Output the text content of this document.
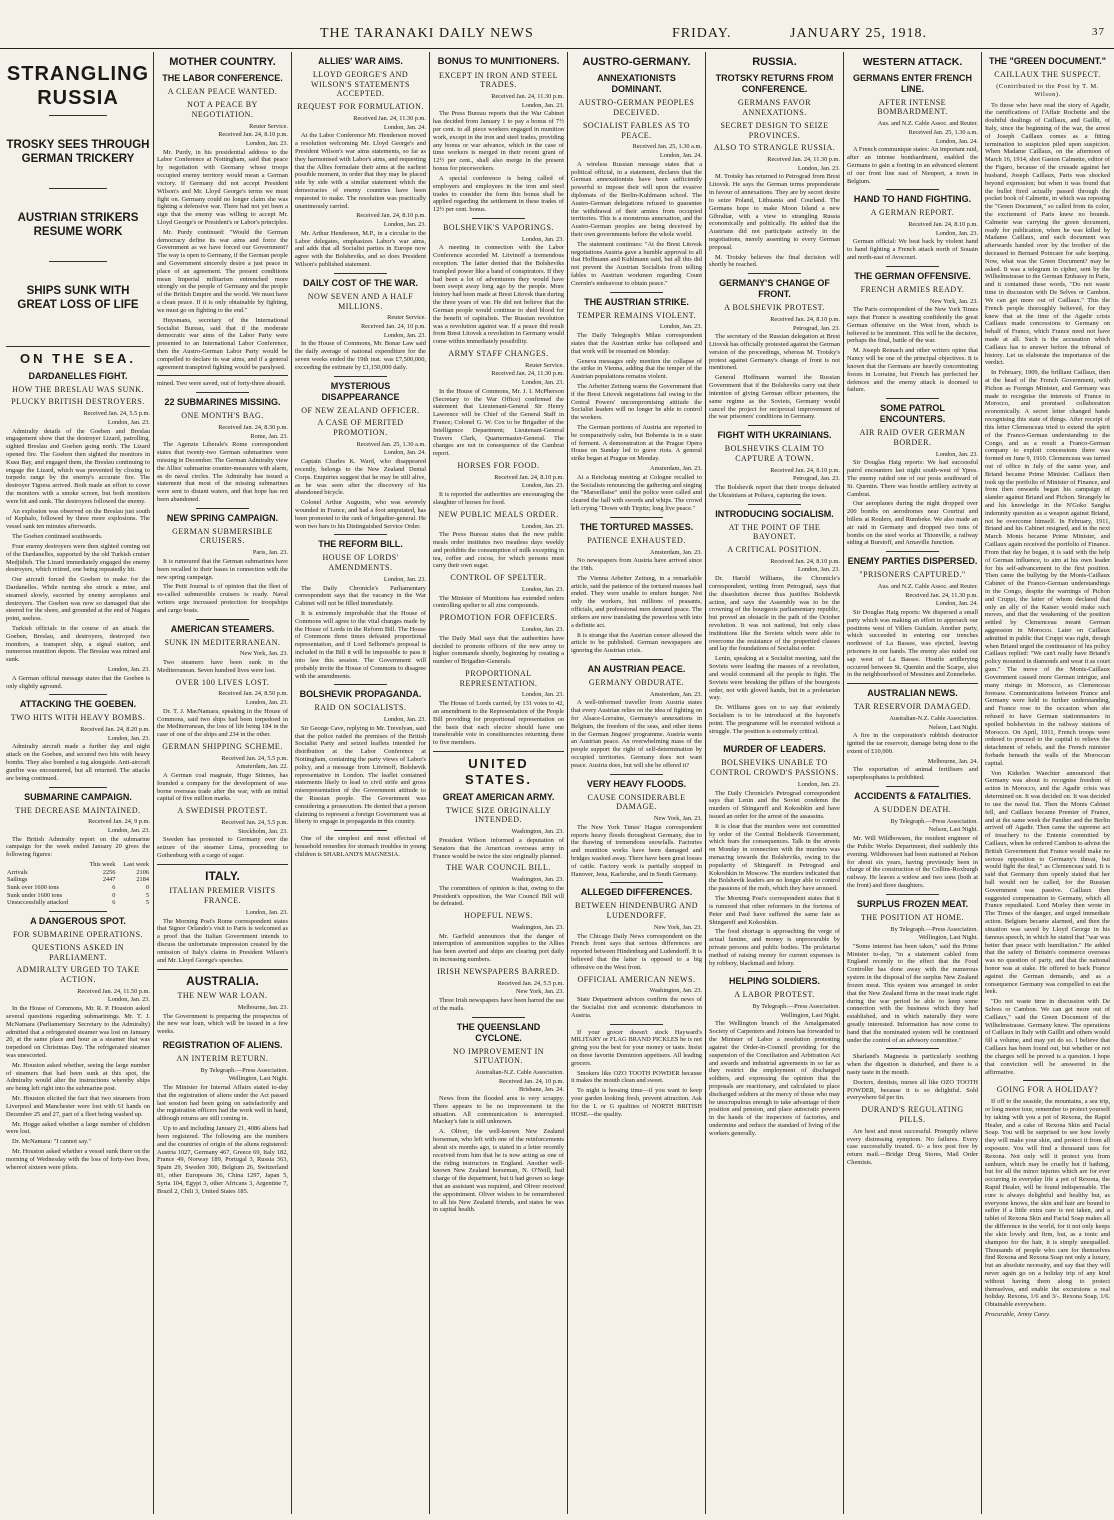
THE TARANAKI DAILY NEWS	FRIDAY.	JANUARY 25, 1918.	37
STRANGLING RUSSIA
TROSKY SEES THROUGH GERMAN TRICKERY
AUSTRIAN STRIKERS RESUME WORK
SHIPS SUNK WITH GREAT LOSS OF LIFE
ON THE SEA.
DARDANELLES FIGHT.
HOW THE BRESLAU WAS SUNK.
PLUCKY BRITISH DESTROYERS.
Received Jan. 24, 5.5 p.m.
London, Jan. 23.

Admiralty details of the Goeben and Breslau engagement show that the destroyer Lizard, patrolling, sighted Breslau and Goeben going north. The Lizard opened fire. The Goeben then sighted the monitors in Kusu Bay, and engaged them, the Breslau continuing to engage the Lizard, which was prevented by closing to torpedo range by the enemy's accurate fire. The destroyer Tigress arrived. Both made an effort to cover the monitors with a smoke screen, but both monitors were hit and sunk. The destroyers followed the enemy.

An explosion was observed on the Breslau just south of Kephalo, followed by three more explosions. The vessel sank ten minutes afterwards.

The Goeben continued southwards.

Four enemy destroyers were then sighted coming out of the Dardanelles, supported by the old Turkish cruiser Medjidieh. The Lizard immediately engaged the enemy destroyers, which retired, one being repeatedly hit.

Our aircraft forced the Goeben to make for the Dardanelles. While turning she struck a mine, and steamed slowly, escorted by enemy aeroplanes and destroyers. The Goeben was now so damaged that she steered for the shore, and grounded at the end of Nagara point, useless.

Turkish officials in the course of an attack the Goeben, Breslau, and destroyers, destroyed two monitors, a transport ship, a signal station, and numerous munition depots. The Breslau was mined and sunk.

London, Jan. 23.

A German official message states that the Goeben is only slightly aground.

ATTACKING THE GOEBEN.
TWO HITS WITH HEAVY BOMBS.
Received Jan. 24, 8.20 p.m.
London, Jan. 23.

Admiralty aircraft made a further day and night attack on the Goeben, and secured two hits with heavy bombs. They also bombed a tug alongside. Anti-aircraft gunfire was encountered, but all returned. The attacks are being continued.

SUBMARINE CAMPAIGN.
THE DECREASE MAINTAINED.
Received Jan. 24, 9 p.m.
London, Jan. 23.

The British Admiralty report on the submarine campaign for the week ended January 20 gives the following figures:

	This week	Last week
Arrivals	2256	2106
Sailings	2447	2184
Sunk over 1600 tons	6	0
Sunk under 1600 tons	0	5
Unsuccessfully attacked	6	5
A DANGEROUS SPOT.
FOR SUBMARINE OPERATIONS.
QUESTIONS ASKED IN PARLIAMENT.
ADMIRALTY URGED TO TAKE ACTION.
Received Jan. 24, 11.50 p.m.
London, Jan. 23.

In the House of Commons, Mr. R. P. Houston asked several questions regarding submarinings. Mr. T. J. McNamara (Parliamentary Secretary to the Admiralty) admitted that a refrigerated steamer was lost on January 20, at the same place and hour as a steamer that was torpedoed on Christmas Day. The refrigerated steamer was unescorted.

Mr. Houston asked whether, seeing the large number of steamers that had been sunk at this spot, the Admiralty would alter the instructions whereby ships are being left right into the submarine post.

Mr. Houston elicited the fact that two steamers from Liverpool and Manchester were lost with 61 hands on December 25 and 27, part of a fleet being washed up.

Mr. Hogge asked whether a large number of children were lost.

Dr. McNamara: "I cannot say."

Mr. Houston asked whether a vessel sunk there on the morning of Wednesday with the loss of forty-two lives, whereof sixteen were pilots.

MOTHER COUNTRY.
THE LABOR CONFERENCE.
A CLEAN PEACE WANTED.
NOT A PEACE BY NEGOTIATION.
Reuter Service.
Received Jan. 24, 8.10 p.m.
London, Jan. 23.

Mr. Purdy, in his presidential address to the Labor Conference at Nottingham, said that peace by negotiation with Germany whose troops occupied enemy territory would mean a German victory. If Germany did not accept President Wilson's and Mr. Lloyd George's terms we must fight on. Germany could no longer claim she was fighting a defensive war. There had not yet been a sign that the enemy was willing to accept Mr. Lloyd George's or President's or Labor's principles.

Mr. Purdy continued: "Would the German democracy define its war aims and force the Government as we have forced our Government? The way is open to Germany, if the German people and Government sincerely desire a just peace in place of an agreement. The present conditions mean Imperial militarism entrenched more strongly on the people of Germany and the people of the British Empire and the world. We must have a clean peace. If it is only obtainable by fighting, we must go on fighting to the end."

Huysmans, secretary of the International Socialist Bureau, said that if the moderate democratic war aims of the Labor Party were presented to an International Labor Conference, then the Austro-German Labor Party would be compelled to declare its war aims, and if a general agreement transpired fighting would be paralysed.

mined. Two were saved, out of forty-three aboard.

22 SUBMARINES MISSING.
ONE MONTH'S BAG.
Received Jan. 24, 8.30 p.m.
Rome, Jan. 23.

The Agenzie Liberale's Rome correspondent states that twenty-two German submarines were missing in December. The German Admiralty view the Allies' submarine counter-measures with alarm, as do naval circles. The Admiralty has issued a statement that most of the missing submarines were sent to distant waters, and that hope has not been abandoned.

NEW SPRING CAMPAIGN.
GERMAN SUBMERSIBLE CRUISERS.
Paris, Jan. 23.

It is rumoured that the German submarines have been recalled to their bases in connection with the new spring campaign.

The Petit Journal is of opinion that the fleet of so-called submersible cruisers is ready. Naval writers urge increased protection for troopships and cargo boats.

AMERICAN STEAMERS.
SUNK IN MEDITERRANEAN.
New York, Jan. 23.

Two steamers have been sunk in the Mediterranean. Seven hundred lives were lost.

OVER 100 LIVES LOST.
Received Jan. 24, 8.50 p.m.
London, Jan. 23.

Dr. T. J. MacNamara, speaking in the House of Commons, said two ships had been torpedoed in the Mediterranean, the loss of life being 184 in the case of one of the ships and 234 in the other.

GERMAN SHIPPING SCHEME.
Received Jan. 24, 5.5 p.m.
Amsterdam, Jan. 22.

A German coal magnate, Hugo Stinnes, has founded a company for the development of sea-borne overseas trade after the war, with an initial capital of five million marks.

A SWEDISH PROTEST.
Received Jan. 24, 5.5 p.m.
Stockholm, Jan. 23.

Sweden has protested to Germany over the seizure of the steamer Lima, proceeding to Gothenburg with a cargo of sugar.

ITALY.
ITALIAN PREMIER VISITS FRANCE.
London, Jan. 23.

The Morning Post's Rome correspondent states that Signor Orlando's visit to Paris is welcomed as a proof that the Italian Government intends to discuss the unfortunate impression created by the omission of Italy's claims in President Wilson's and Mr. Lloyd George's speeches.

AUSTRALIA.
THE NEW WAR LOAN.
Melbourne, Jan. 23.

The Government is preparing the prospectus of the new war loan, which will be issued in a few weeks.

REGISTRATION OF ALIENS.
AN INTERIM RETURN.
By Telegraph.—Press Association.
Wellington, Last Night.

The Minister for Internal Affairs stated to-day that the registration of aliens under the Act passed last session had been going on satisfactorily and the registration officers had the work well in hand, although returns are still coming in.

Up to and including January 21, 4086 aliens had been registered. The following are the numbers and the countries of origin of the aliens registered: Austria 1027, Germany 467, Greece 69, Italy 182, France 49, Norway 189, Portugal 3, Russia 363, Spain 29, Sweden 300, Belgium 26, Switzerland 81, other Europeans 36, China 1297, Japan 5, Syria 104, Egypt 3, other Africans 3, Argentine 7, Brazil 2, Chili 3, United States 185.

ALLIES' WAR AIMS.
LLOYD GEORGE'S AND WILSON'S STATEMENTS ACCEPTED.
REQUEST FOR FORMULATION.
Received Jan. 24, 11.30 p.m.
London, Jan. 24.

At the Labor Conference Mr. Henderson moved a resolution welcoming Mr. Lloyd George's and President Wilson's war aims statements, so far as they harmonised with Labor's aims, and requesting that the Allies formulate their aims at the earliest possible moment, in order that they may be placed side by side with a similar statement which the democracies of enemy countries have been requested to make. The resolution was practically unanimously carried.

Received Jan. 24, 8.10 p.m.
London, Jan. 23.

Mr. Arthur Henderson, M.P., in a circular to the Labor delegates, emphasizes Labor's war aims, and adds that all Socialist parties in Europe now agree with the Bolsheviks, and so does President Wilson's published statement.

DAILY COST OF THE WAR.
NOW SEVEN AND A HALF MILLIONS.
Reuter Service.
Received Jan. 24, 10 p.m.
London, Jan. 23.

In the House of Commons, Mr. Bonar Law said the daily average of national expenditure for the seven weeks ended the 19th inst. was £7,500,000, exceeding the estimate by £1,150,000 daily.

MYSTERIOUS DISAPPEARANCE
OF NEW ZEALAND OFFICER.
A CASE OF MERITED PROMOTION.
Received Jan. 25, 1.30 a.m.
London, Jan. 24.

Captain Charles K. Ward, who disappeared recently, belongs to the New Zealand Dental Corps. Enquiries suggest that he may be still alive, as he was seen after the discovery of his abandoned bicycle.

Colonel Arthur Augustin, who was severely wounded in France, and had a foot amputated, has been promoted to the rank of brigadier-general. He won two bars to his Distinguished Service Order.

THE REFORM BILL.
HOUSE OF LORDS' AMENDMENTS.
London, Jan. 23.

The Daily Chronicle's Parliamentary correspondent says that the vacancy in the War Cabinet will not be filled immediately.

It is extremely improbable that the House of Commons will agree to the vital changes made by the House of Lords in the Reform Bill. The House of Commons three times defeated proportional representation, and if Lord Selborne's proposal is included in the Bill it will be impossible to pass it into law this session. The Government will probably invite the House of Commons to disagree with the amendments.

BOLSHEVIK PROPAGANDA.
RAID ON SOCIALISTS.
London, Jan. 23.

Sir George Cave, replying to Mr. Trevelyan, said that the police raided the premises of the British Socialist Party and seized leaflets intended for distribution at the Labor Conference at Nottingham, containing the party views of Labor's policy, and a message from Litvinoff, Bolshevik representative in London. The leaflet contained statements likely to lead to civil strife and gross misrepresentation of the Government attitude to the Russian people. The Government was considering a prosecution. He denied that a person claiming to represent a foreign Government was at liberty to engage in propaganda in this country.

One of the simplest and most effectual of household remedies for stomach troubles in young children is SHARLAND'S MAGNESIA.

BONUS TO MUNITIONERS.
EXCEPT IN IRON AND STEEL TRADES.
Received Jan. 24, 11.30 p.m.
London, Jan. 23.

The Press Bureau reports that the War Cabinet has decided from January 1 to pay a bonus of 7½ per cent. to all piece workers engaged in munition work, except in the iron and steel trades, providing any bonus or war advance, which in the case of time workers is merged in their recent grant of 12½ per cent., shall also merge in the present bonus for pieceworkers.

A special conference is being called of employers and employees in the iron and steel trades to consider the form this bonus shall be applied regarding the settlement in these trades of 12½ per cent. bonus.

BOLSHEVIK'S VAPORINGS.
London, Jan. 23.

A meeting in connection with the Labor Conference accorded M. Litvinoff a tremendous reception. The latter denied that the Bolsheviks trampled power like a band of conspirators. If they had been a lot of adventurers they would have been swept away long ago by the people. More history had been made at Brest Litovsk than during the three years of war. He did not believe that the German people would continue to shed blood for the benefit of capitalists. The Russian revolution was a revolution against war. If a peace did result from Brest Litovsk a revolution in Germany would come within immediately possibility.

ARMY STAFF CHANGES.
Reuter Service.
Received Jan. 24, 11.30 p.m.
London, Jan. 23.

In the House of Commons, Mr. J. I. McPherson (Secretary to the War Office) confirmed the statement that Lieutenant-General Sir Henry Lawrence will be Chief of the General Staff in France; Colonel G. W. Cox to be Brigadier of the Intelligence Department; Lieutenant-General Travers Clark, Quartermaster-General. The changes are not in consequence of the Cambrai report.

HORSES FOR FOOD.
Received Jan. 24, 8.10 p.m.
London, Jan. 23.

It is reported the authorities are encouraging the slaughter of horses for food.

NEW PUBLIC MEALS ORDER.
London, Jan. 23.

The Press Bureau states that the new public meals order institutes two meatless days weekly and prohibits the consumption of milk excepting in tea, coffee and cocoa, for which persons must carry their own sugar.

CONTROL OF SPELTER.
London, Jan. 23.

The Minister of Munitions has extended orders controlling spelter to all zinc compounds.

PROMOTION FOR OFFICERS.
London, Jan. 23.

The Daily Mail says that the authorities have decided to promote officers of the new army to higher commands shortly, beginning by creating a number of Brigadier-Generals.

PROPORTIONAL REPRESENTATION.
London, Jan. 23.

The House of Lords carried, by 131 votes to 42, an amendment to the Representation of the People Bill providing for proportional representation on the basis that each elector should have one transferable vote in constituencies returning three to five members.

UNITED STATES.
GREAT AMERICAN ARMY.
TWICE SIZE ORIGINALLY INTENDED.
Washington, Jan. 23.

President Wilson informed a deputation of Senators that the American overseas army in France would be twice the size originally planned.

THE WAR COUNCIL BILL.
Washington, Jan. 23.

The committees of opinion is that, owing to the President's opposition, the War Council Bill will be defeated.

HOPEFUL NEWS.
Washington, Jan. 23.

Mr. Garfield announces that the danger of interruption of ammunition supplies to the Allies has been averted and ships are clearing port daily in increasing numbers.

IRISH NEWSPAPERS BARRED.
Received Jan. 24, 5.5 p.m.
New York, Jan. 23.

Three Irish newspapers have been barred the use of the mails.

THE QUEENSLAND CYCLONE.
NO IMPROVEMENT IN SITUATION.
Australian-N.Z. Cable Association.
Received Jan. 24, 10 p.m.
Brisbane, Jan. 24.

News from the flooded area is very scrappy. There appears to be no improvement in the situation. All communication is interrupted. Mackay's fate is still unknown.

A. Oliver, the well-known New Zealand horseman, who left with one of the reinforcements about six months ago, is stated in a letter recently received from him that he is now acting as one of the riding instructors in England. Another well-known New Zealand horseman, N. O'Neill, had charge of the department, but it had grown so large that an assistant was required, and Oliver received the appointment. Oliver wishes to be remembered to all his New Zealand friends, and states he was in capital health.

AUSTRO-GERMANY.
ANNEXATIONISTS DOMINANT.
AUSTRO-GERMAN PEOPLES DECEIVED.
SOCIALIST FABLES AS TO PEACE.
Received Jan. 25, 1.30 a.m.
London, Jan. 24.

A wireless Russian message states that a political official, in a statement, declares that the German annexationists have been sufficiently powerful to impose their will upon the evasive diplomats of the Berlin-Kuhlmann school. The Austro-German delegations refused to guarantee the withdrawal of their armies from occupied territories. This is a monstrous annexation, and the Austro-German peoples are being deceived by their own governments before the whole world.

The statement continues: "At the Brest Litovsk negotiations Austria gave a humble approval to all that Hoffmann and Kuhlmann said, but all this did not prevent the Austrian Socialists from telling fables to Austrian workmen regarding Count Czernin's endeavour to obtain peace."

THE AUSTRIAN STRIKE.
TEMPER REMAINS VIOLENT.
London, Jan. 23.

The Daily Telegraph's Milan correspondent states that the Austrian strike has collapsed and that work will be resumed on Monday.

Geneva messages only mention the collapse of the strike in Vienna, adding that the temper of the Austrian populations remains violent.

The Arbeiter Zeitung warns the Government that if the Brest Litovsk negotiations fail owing to the Central Powers' uncompromising attitude the Socialist leaders will no longer be able to control the workers.

The German portions of Austria are reported to be comparatively calm, but Bohemia is in a state of ferment. A demonstration at the Prague Opera House on Sunday led to grave riots. A general strike began at Prague on Monday.

Amsterdam, Jan. 23.

At a Reichstag meeting at Cologne recalled to the Socialists renouncing the gathering and singing the "Marseillaise" until the police were called and cleared the hall with swords and whips. The crowd left crying "Down with Tirpitz; long live peace."

THE TORTURED MASSES.
PATIENCE EXHAUSTED.
Amsterdam, Jan. 23.

No newspapers from Austria have arrived since the 19th.

The Vienna Arbeiter Zeitung, in a remarkable article, said the patience of the tortured masses had ended. They were unable to endure hunger. Not only the workers, but millions of peasants, officials, and professional men demand peace. The strikers are now translating the powerless with into a definite act.

It is strange that the Austrian censor allowed the article to be published. German newspapers are ignoring the Austrian crisis.

AN AUSTRIAN PEACE.
GERMANY OBDURATE.
Amsterdam, Jan. 23.

A well-informed traveller from Austria states that every Austrian relies on the idea of fighting on for Alsace-Lorraine, Germany's annexations in Belgium, the freedom of the seas, and other items in the German Jingoes' programme. Austria wants an Austrian peace. An overwhelming mass of the people support the right of self-determination by occupied territories. Germany does not want peace. Austria does, but will she be offered it?

VERY HEAVY FLOODS.
CAUSE CONSIDERABLE DAMAGE.
New York, Jan. 23.

The New York Times' Hague correspondent reports heavy floods throughout Germany, due to the thawing of tremendous snowfalls. Factories and munition works have been damaged and bridges washed away. There have been great losses of cattle. Factory work is partially stopped in Hanover, Jena, Karlsruhe, and in South Germany.

ALLEGED DIFFERENCES.
BETWEEN HINDENBURG AND LUDENDORFF.
New York, Jan. 23.

The Chicago Daily News correspondent on the French front says that serious differences are reported between Hindenburg and Ludendorff. It is believed that the latter is opposed to a big offensive on the West front.

OFFICIAL AMERICAN NEWS.
Washington, Jan. 23.

State Department advices confirm the news of the Socialist riot and economic disturbances in Austria.

If your grocer doesn't stock Hayward's MILITARY or FLAG BRAND PICKLES he is not giving you the best for your money or taste. Insist on these favorite Dominion appetisers. All leading grocers.

Smokers like OZO TOOTH POWDER because it makes the mouth clean and sweet.

To night is hossing time—if you want to keep your garden looking fresh, prevent attraction. Ask for the L or G qualities of NORTH BRITISH HOSE—the quality.

RUSSIA.
TROTSKY RETURNS FROM CONFERENCE.
GERMANS FAVOR ANNEXATIONS.
SECRET DESIGN TO SEIZE PROVINCES.
ALSO TO STRANGLE RUSSIA.
Received Jan. 24, 11.30 p.m.
London, Jan. 23.

M. Trotsky has returned to Petrograd from Brest Litovsk. He says the German terms preponderate in favour of annexations. They are by secret desire to seize Poland, Lithuania and Courland. The Germans hope to make Moon Island a new Gibraltar, with a view to strangling Russia economically and politically. He added that the Austrians did not participate actively in the negotiations, merely assenting to every German proposal.

M. Trotsky believes the final decision will shortly be reached.

GERMANY'S CHANGE OF FRONT.
A BOLSHEVIK PROTEST.
Received Jan. 24, 8.10 p.m.
Petrograd, Jan. 23.

The secretary of the Russian delegation at Brest Litovsk has officially protested against the German version of the proceedings, whereas M. Trotsky's protest against Germany's change of front is not mentioned.

General Hoffmann warned the Russian Government that if the Bolsheviks carry out their intention of giving German officer prisoners, the same regime as the Soviets, Germany would cancel the project for reciprocal improvement of the war prisoners' conditions in Germany.

FIGHT WITH UKRAINIANS.
BOLSHEVIKS CLAIM TO CAPTURE A TOWN.
Received Jan. 24, 8.10 p.m.
Petrograd, Jan. 23.

The Bolshevik report that their troops defeated the Ukrainians at Poltava, capturing the town.

INTRODUCING SOCIALISM.
AT THE POINT OF THE BAYONET.
A CRITICAL POSITION.
Received Jan. 24, 8.10 p.m.
London, Jan. 23.

Dr. Harold Williams, the Chronicle's correspondent, writing from Petrograd, says that the dissolution decree thus justifies Bolshevik action, and says the Assembly was to be the crowning of the bourgeois parliamentary republic, but proved an obstacle in the path of the October revolution. It was not national, but only class institutions like the Soviets which were able to overcome the resistance of the propertied classes and lay the foundations of Socialist order.

Lenin, speaking at a Socialist meeting, said the Soviets were leading the masses of a revolution, and would command all the people to fight. The Soviets were breaking the pillars of the bourgeois order, not with gloved hands, but in a proletarian way.

Dr. Williams goes on to say that evidently Socialism is to be introduced at the bayonet's point. The programme will be executed without a struggle. The position is extremely critical.

MURDER OF LEADERS.
BOLSHEVIKS UNABLE TO CONTROL CROWD'S PASSIONS.
London, Jan. 23.

The Daily Chronicle's Petrograd correspondent says that Lenin and the Soviet condemn the murders of Shingareff and Kokoshkin and have issued an order for the arrest of the assassins.

It is clear that the murders were not committed by order of the Central Bolshevik Government, which fears the consequences. Talk in the streets on Monday in connection with the murders was menacing towards the Bolsheviks, owing to the popularity of Shingareff in Petrograd and Kokoshkin in Moscow. The murders indicated that the Bolshevik leaders are no longer able to control the passions of the mob, which they have aroused.

The Morning Post's correspondent states that it is rumored that other reformers in the fortress of Peter and Paul have suffered the same fate as Shingareff and Kokoshkin.

The food shortage is approaching the verge of actual famine, and money is unprocurable by private persons and public bodies. The proletariat method of raising money for current expenses is by robbery, blackmail and felony.

HELPING SOLDIERS.
A LABOR PROTEST.
By Telegraph.—Press Association.
Wellington, Last Night.

The Wellington branch of the Amalgamated Society of Carpenters and Joiners has forwarded to the Minister of Labor a resolution protesting against the Order-in-Council providing for the suspension of the Conciliation and Arbitration Act and awards and industrial agreements in so far as they restrict the employment of discharged soldiers, and expressing the opinion that the proposals are reactionary, and calculated to place discharged soldiers at the mercy of those who may be unscrupulous enough to take advantage of their position and pension, and place autocratic powers in the hands of the inspectors of factories, and undermine and reduce the standard of living of the workers generally.

WESTERN ATTACK.
GERMANS ENTER FRENCH LINE.
AFTER INTENSE BOMBARDMENT.
Aus. and N.Z. Cable Assoc. and Reuter.
Received Jan. 25, 1.30 a.m.
London, Jan. 24.

A French communique states: An important raid, after an intense bombardment, enabled the Germans to gain a footing in an advanced element of our front line east of Nieuport, a town in Belgium.

HAND TO HAND FIGHTING.
A GERMAN REPORT.
Received Jan. 24, 8.10 p.m.
London, Jan. 23.

German official: We beat back by violent hand to hand fighting a French attack north of Souain and north-east of Avocourt.

THE GERMAN OFFENSIVE.
FRENCH ARMIES READY.
New York, Jan. 23.

The Paris correspondent of the New York Times says that France is awaiting confidently the great German offensive on the West front, which is believed to be imminent. This will be the decisive, perhaps the final, battle of the war.

M. Joseph Reinach and other writers opine that Nancy will be one of the principal objectives. It is known that the Germans are heavily concentrating forces in Lorraine, but French has perfected her defences and the enemy attack is doomed to failure.

SOME PATROL ENCOUNTERS.
AIR RAID OVER GERMAN BORDER.
London, Jan. 23.

Sir Douglas Haig reports: We had successful patrol encounters last night south-west of Ypres. The enemy raided one of our posts southward of St. Quentin. There was hostile artillery activity at Cambrai.

Our aeroplanes during the night dropped over 200 bombs on aerodromes near Courtrai and billets at Roulers, and Rumbeke. We also made an air raid in Germany and dropped two tons of bombs on the steel works at Thionville, a railway siding at Burstoff, and Arnaville Junction.

ENEMY PARTIES DISPERSED.
"PRISONERS CAPTURED."
Aus. and N.Z. Cable Assoc. and Reuter.
Received Jan. 24, 11.30 p.m.
London, Jan. 24.

Sir Douglas Haig reports: We dispersed a small party which was making an effort to approach our positions west of Villers Guislain. Another party, which succeeded in entering our trenches northwest of La Bassee, was ejected, leaving prisoners in our hands. The enemy also raided our sap west of La Bassee. Hostile artillerying occurred between St. Quentin and the Scarpe, also in the neighbourhood of Messines and Zonnebeke.

AUSTRALIAN NEWS.
TAR RESERVOIR DAMAGED.
Australian-N.Z. Cable Association.
Nelson, Last Night.

A fire in the corporation's rubbish destructor ignited the tar reservoir, damage being done to the extent of £10,000.

Melbourne, Jan. 24.

The exportation of animal fertilisers and superphosphates is prohibited.

ACCIDENTS & FATALITIES.
A SUDDEN DEATH.
By Telegraph.—Press Association.
Nelson, Last Night.

Mr. Will Wildbowsen, the resident engineer of the Public Works Department, died suddenly this evening. Wildbowsen had been stationed at Nelson for about six years, having previously been in charge of the construction of the Collins-Roxburgh railway. He leaves a widow and two sons (both at the front) and three daughters.

SURPLUS FROZEN MEAT.
THE POSITION AT HOME.
By Telegraph.—Press Association.
Wellington, Last Night.

"Some interest has been taken," said the Prime Minister to-day, "in a statement cabled from England recently to the effect that the Food Controller has done away with the numerous system in the disposal of the surplus New Zealand frozen meat. This system was arranged in order that the New Zealand firms in the meat trade right during the war period be able to keep some connection with the business which they had established, and in which naturally they were greatly interested. Information has now come to hand that the nominated system will be continued under the control of an advisory committee."

Sharland's Magnesia is particularly soothing when the digestion is disturbed, and there is a nasty taste in the mouth.

Doctors, dentists, nurses all like OZO TOOTH POWDER, because it is so delightful. Sold everywhere 6d per tin.

DURAND'S REGULATING PILLS.

Are best and most successful. Promptly relieve every distressing symptom. No failures. Every case successfully treated. 6/- a box post free by return mail.—Bridge Drug Stores, Mail Order Chemists.

THE "GREEN DOCUMENT."
CAILLAUX THE SUSPECT.
(Contributed to the Post by T. M. Wilson).

To those who have read the story of Agadir, the ramifications of l'Affair Rochette and the doubtful dealings of Caillaux, and Gaillit, of Italy, since the beginning of the war, the arrest of Joseph Caillaux comes as a fitting termination to suspicion piled upon suspicion. When Madame Caillaux, on the afternoon of March 16, 1914, shot Gaston Calmette, editor of the Figaro, because of the crusade against her husband, Joseph Caillaux, Paris was shocked beyond expression; but when it was found that the bullet fired actually passed through the pocket book of Calmette, in which was reposing the "Green Document," so called from its color, the excitement of Paris knew no bounds. Calmette was carrying the green document, ready for publication, when he was killed by Madame Caillaux, and each document was afterwards handed over by the brother of the deceased to Bernard Poincare for safe keeping. Now, what was the Green Document? may be asked. It was a telegram in cipher, sent by the Wilhelmstrasse to the German Embassy in Paris, and it contained these words, "Do not waste time in discussion with De Selves or Cambon. We can get more out of Caillaux." This the French people thoroughly believed, for they knew that at the time of the Agadir crisis Caillaux made concessions to Germany on behalf of France, which France need not have made at all. Such is the accusation which Caillaux has to answer before the tribunal of history. Let us elaborate the importance of the verdict.

In February, 1909, the brilliant Caillaux, then at the head of the French Government, with Pichon as Foreign Minister, and Germany was made to recognise the interests of France in Morocco, and promised collaboration economically. A secret letter changed hands recognising this state of things. After receipt of this letter Clemenceau tried to extend the spirit of the Franco-German understanding to the Congo, and as a result a Franco-German company to exploit concessions there was formed on June 9, 1910. Clemenceau was turned out of office in July of the same year, and Briand became Prime Minister. Caillaux then took up the portfolio of Minister of Finance, and from then onwards began his campaign of slander against Briand and Pichon. Strangely he and his knowledge in the N'Goko Sangha indemnity question as a weapon against Briand, not be overcome himself. In February, 1911, Briand and his Cabinet resigned, and in the next March Monis became Prime Minister, and Caillaux again received the portfolio of Finance. From that day he began, it is said with the help of German influence, to aim at his own leader for his self-advancement to the first position. Then came the bullying by the Monis-Caillaux Cabinet of the Franco-German understandings in the Congo, despite the warnings of Pichon and Cruppi, the latter of whom declared that only an ally of the Kaiser would make such moves, and that the weakening of the position settled by Clemenceau meant German aggression in Morocco. Later on Caillaux admitted in public that Cruppi was right, though when Briand urged the continuance of his policy Caillaux replied: "We can't really have Briand's policy mounted in diamonds and wear it as court gum." The move of the Monis-Caillaux Government caused more German intrigue, and many risings in Morocco, as Clemenceau foresaw. Communications between France and Germany were held to further understanding, and France rose to the occasion when she refused to have German stationmasters in spoiled bolshevists in the railway stations of Morocco. On April, 1911, French troops were ordered to proceed to the capital to relieve the detachment of rebels, and the French minister forbade beneath the walls of the Moroccan capital.

Von Kiderlen Waechter announced that Germany was about to recognise freedom of action in Morocco, and the Agadir crisis was determined on. It was decided on. It was decided to use the naval fist. Then the Monis Cabinet fell, and Caillaux became Premier of France, and at the same week the Panther and the Berlin arrived off Agadir. Then came the supreme act of treachery to the Entente committed by Caillaux, when he ordered Cambon to advise the British Government that France would make no serious opposition to Germany's threat, but would fight the deal," as Clemenceau said. It is said that Germany then openly stated that her ball would not be called, for the Russian Government was passive. Caillaux then suggested compensation to Germany, which all France repudiated. Lord Morley then wrote in The Times of the danger, and urged immediate action. Belgium became alarmed, and then the situation was saved by Lloyd George in his famous speech, in which he stated that "war was better than peace with humiliation." He added that the safety of Britain's commerce overseas was no question of party, and that the national honor was at stake. He offered to back France against the German demands, and as a consequence Germany was compelled to eat the leek.

"Do not waste time in discussion with De Selves or Cambon. We can get more out of Caillaux," said the Green Document of the Wilhelmstrasse. Germany knew. The operations of Caillaux in Italy with Gaillit and others would fill a volume, and may yet do so. I believe that Caillaux has been found out, but whether or not the charges will be proved is a question. I hope that conviction will be answered in the affirmative.

GOING FOR A HOLIDAY?

If off to the seaside, the mountains, a sea trip, or long motor tour, remember to protect yourself by taking with you a pot of Rexona, the Rapid Healer, and a cake of Rexona Skin and Facial Soap. You will be surprised to see how lovely they will make your skin, and protect it from all exposure. You will find a thousand uses for Rexona. Not only will it protect you from sunburn, which may be cruelly hot if bathing, but for all the minor injuries which are for ever occurring in everyday life a pot of Rexona, the Rapid Healer, will be found indispensable. The cure is always delightful and healthy but, as everyone knows, the skin and hair are bound to suffer if a little extra care is not taken, and a tablet of Rexona Skin and Facial Soap makes all the difference in the world, for it not only keeps the skin lovely and firm, but, as a tonic and shampoo for the hair, it is simply unequalled. Thousands of people who care for themselves find Rexona and Rexona Soap not only a luxury, but an absolute necessity, and say that they will never again go on a holiday trip of any kind without having them along to protect themselves, and enable the excursions a real holiday. Rexona, 1/6 and 3/-. Rexona Soap, 1/6. Obtainable everywhere.

Procurable, Jenny Carey.
